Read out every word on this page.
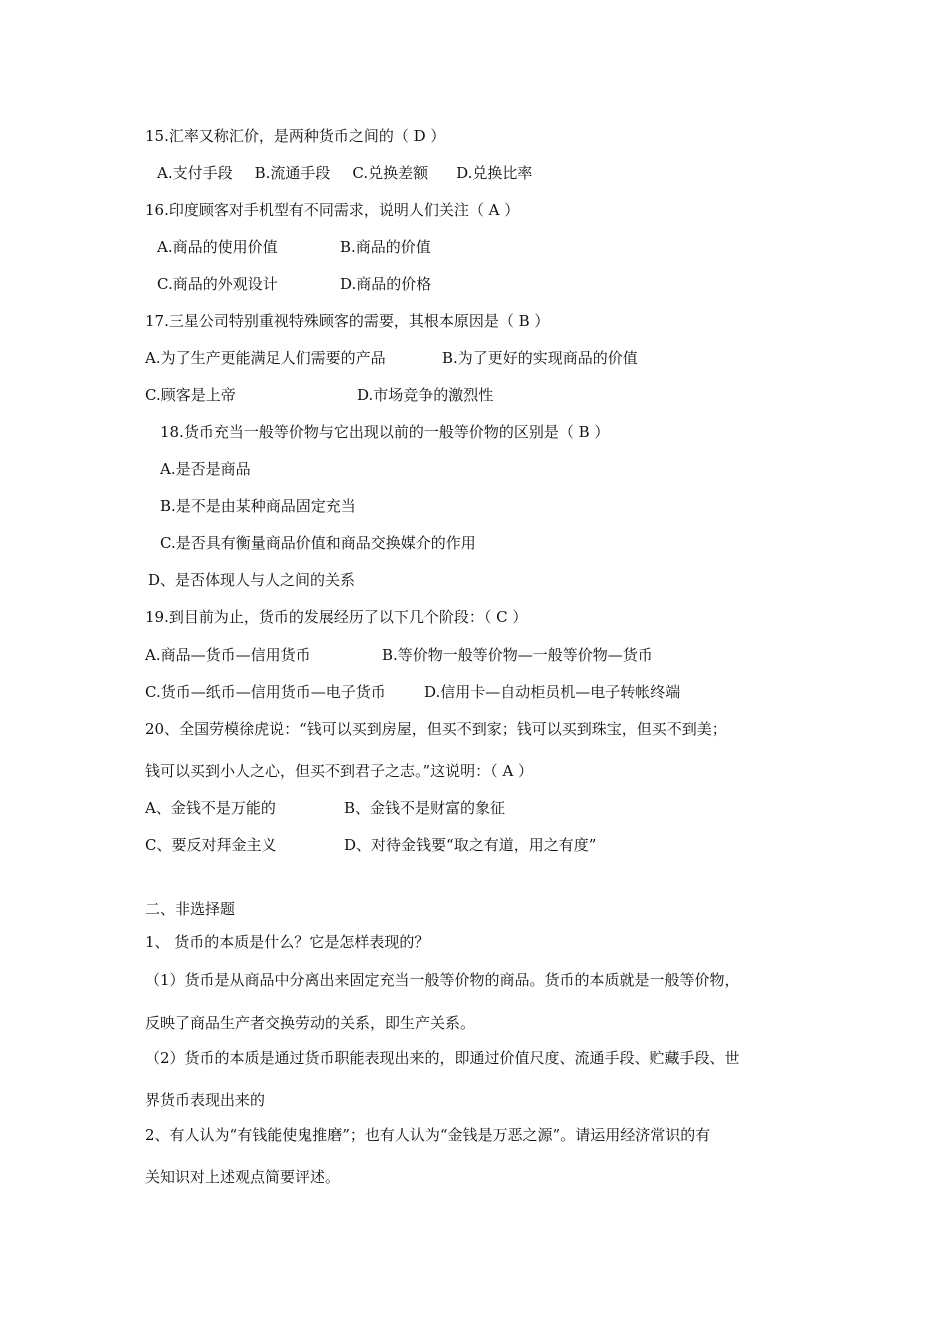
15.汇率又称汇价，是两种货币之间的（ D ）
A.支付手段 B.流通手段 C.兑换差额 D.兑换比率
16.印度顾客对手机型有不同需求，说明人们关注（ A ）
A.商品的使用价值	B.商品的价值
C.商品的外观设计	D.商品的价格
17.三星公司特别重视特殊顾客的需要，其根本原因是（ B ）
A.为了生产更能满足人们需要的产品	B.为了更好的实现商品的价值
C.顾客是上帝	D.市场竞争的激烈性
18.货币充当一般等价物与它出现以前的一般等价物的区别是（ B ）
A.是否是商品
B.是不是由某种商品固定充当
C.是否具有衡量商品价值和商品交换媒介的作用
D、是否体现人与人之间的关系
19.到目前为止，货币的发展经历了以下几个阶段：（ C ）
A.商品—货币—信用货币	B.等价物一般等价物—一般等价物—货币
C.货币—纸币—信用货币—电子货币	D.信用卡—自动柜员机—电子转帐终端
20、全国劳模徐虎说：“钱可以买到房屋，但买不到家；钱可以买到珠宝，但买不到美；
钱可以买到小人之心，但买不到君子之志。”这说明：（ A ）
A、金钱不是万能的	B、金钱不是财富的象征
C、要反对拜金主义	D、对待金钱要“取之有道，用之有度”
二、非选择题
1、 货币的本质是什么？它是怎样表现的？
（1）货币是从商品中分离出来固定充当一般等价物的商品。货币的本质就是一般等价物，
反映了商品生产者交换劳动的关系，即生产关系。
（2）货币的本质是通过货币职能表现出来的，即通过价值尺度、流通手段、贮藏手段、世
界货币表现出来的
2、有人认为“有钱能使鬼推磨”；也有人认为“金钱是万恶之源”。请运用经济常识的有
关知识对上述观点简要评述。
